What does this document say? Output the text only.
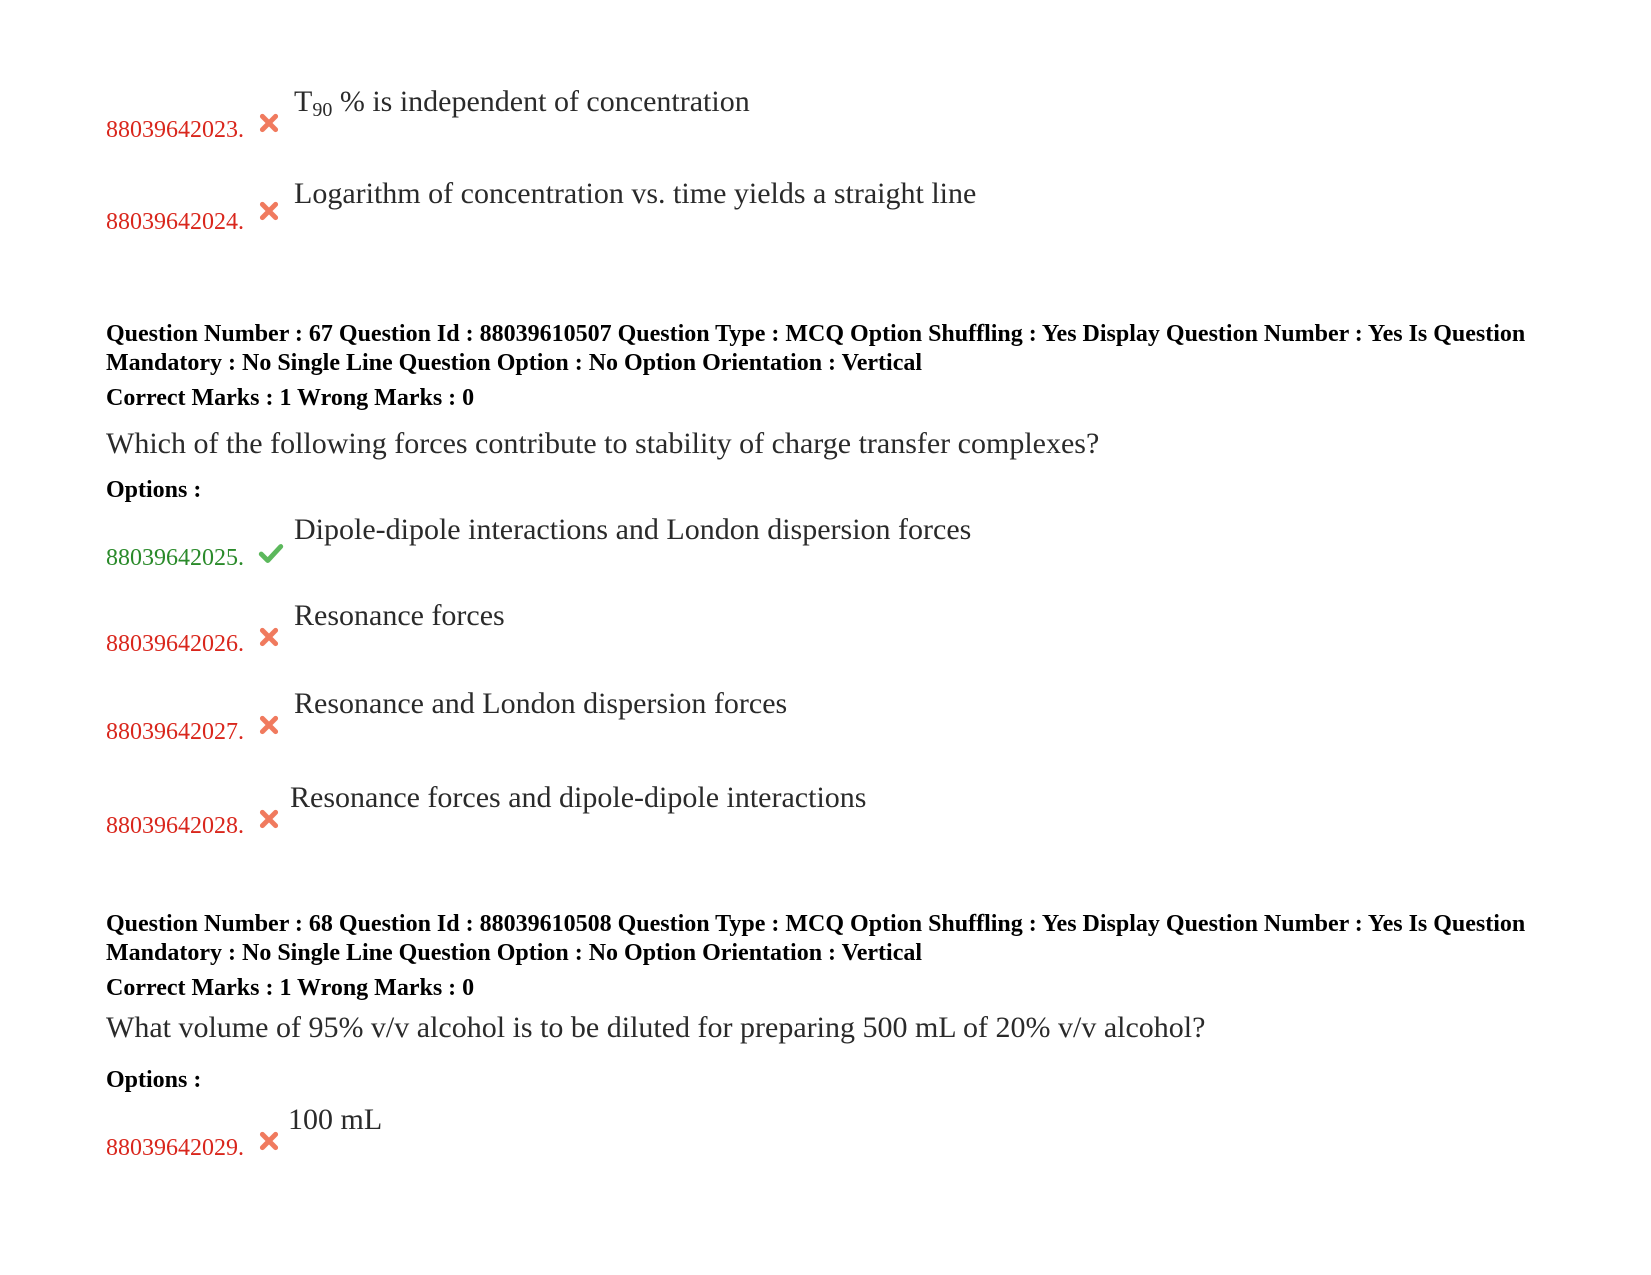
88039642023.
$T_{90}$ % is independent of concentration
88039642024.
Logarithm of concentration vs. time yields a straight line
Question Number : 67 Question Id : 88039610507 Question Type : MCQ Option Shuffling : Yes Display Question Number : Yes Is Question Mandatory : No Single Line Question Option : No Option Orientation : Vertical
Correct Marks : 1 Wrong Marks : 0
Which of the following forces contribute to stability of charge transfer complexes?
Options :
88039642025.
Dipole-dipole interactions and London dispersion forces
88039642026.
Resonance forces
88039642027.
Resonance and London dispersion forces
88039642028.
Resonance forces and dipole-dipole interactions
Question Number : 68 Question Id : 88039610508 Question Type : MCQ Option Shuffling : Yes Display Question Number : Yes Is Question Mandatory : No Single Line Question Option : No Option Orientation : Vertical
Correct Marks : 1 Wrong Marks : 0
What volume of 95% v/v alcohol is to be diluted for preparing 500 mL of 20% v/v alcohol?
Options :
88039642029.
100 mL
